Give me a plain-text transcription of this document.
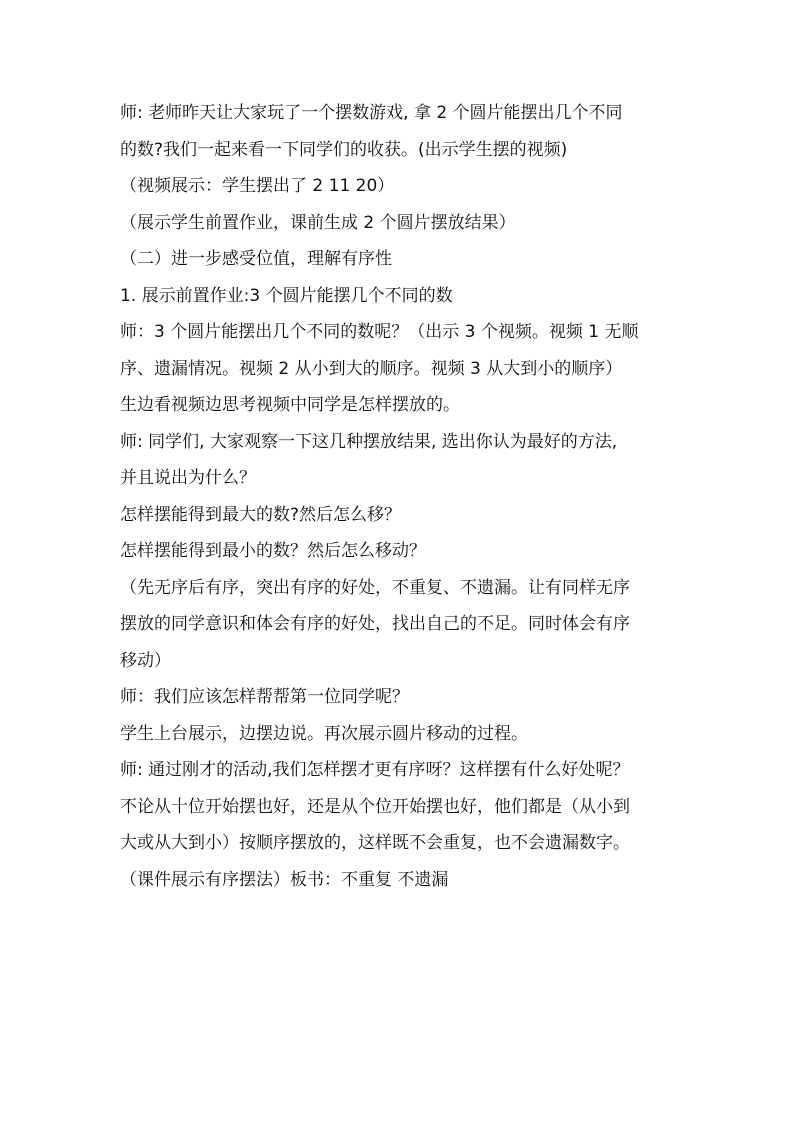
师: 老师昨天让大家玩了一个摆数游戏, 拿 2 个圆片能摆出几个不同
的数?我们一起来看一下同学们的收获。(出示学生摆的视频)
（视频展示：学生摆出了 2 11 20）
（展示学生前置作业，课前生成 2 个圆片摆放结果）
（二）进一步感受位值，理解有序性
1. 展示前置作业:3 个圆片能摆几个不同的数
师：3 个圆片能摆出几个不同的数呢？（出示 3 个视频。视频 1 无顺
序、遗漏情况。视频 2 从小到大的顺序。视频 3 从大到小的顺序）
生边看视频边思考视频中同学是怎样摆放的。
师: 同学们, 大家观察一下这几种摆放结果, 选出你认为最好的方法,
并且说出为什么？
怎样摆能得到最大的数?然后怎么移？
怎样摆能得到最小的数？然后怎么移动？
（先无序后有序，突出有序的好处，不重复、不遗漏。让有同样无序
摆放的同学意识和体会有序的好处，找出自己的不足。同时体会有序
移动）
师：我们应该怎样帮帮第一位同学呢？
学生上台展示，边摆边说。再次展示圆片移动的过程。
师: 通过刚才的活动,我们怎样摆才更有序呀？这样摆有什么好处呢？
不论从十位开始摆也好，还是从个位开始摆也好，他们都是（从小到
大或从大到小）按顺序摆放的，这样既不会重复，也不会遗漏数字。
（课件展示有序摆法）板书：不重复 不遗漏
